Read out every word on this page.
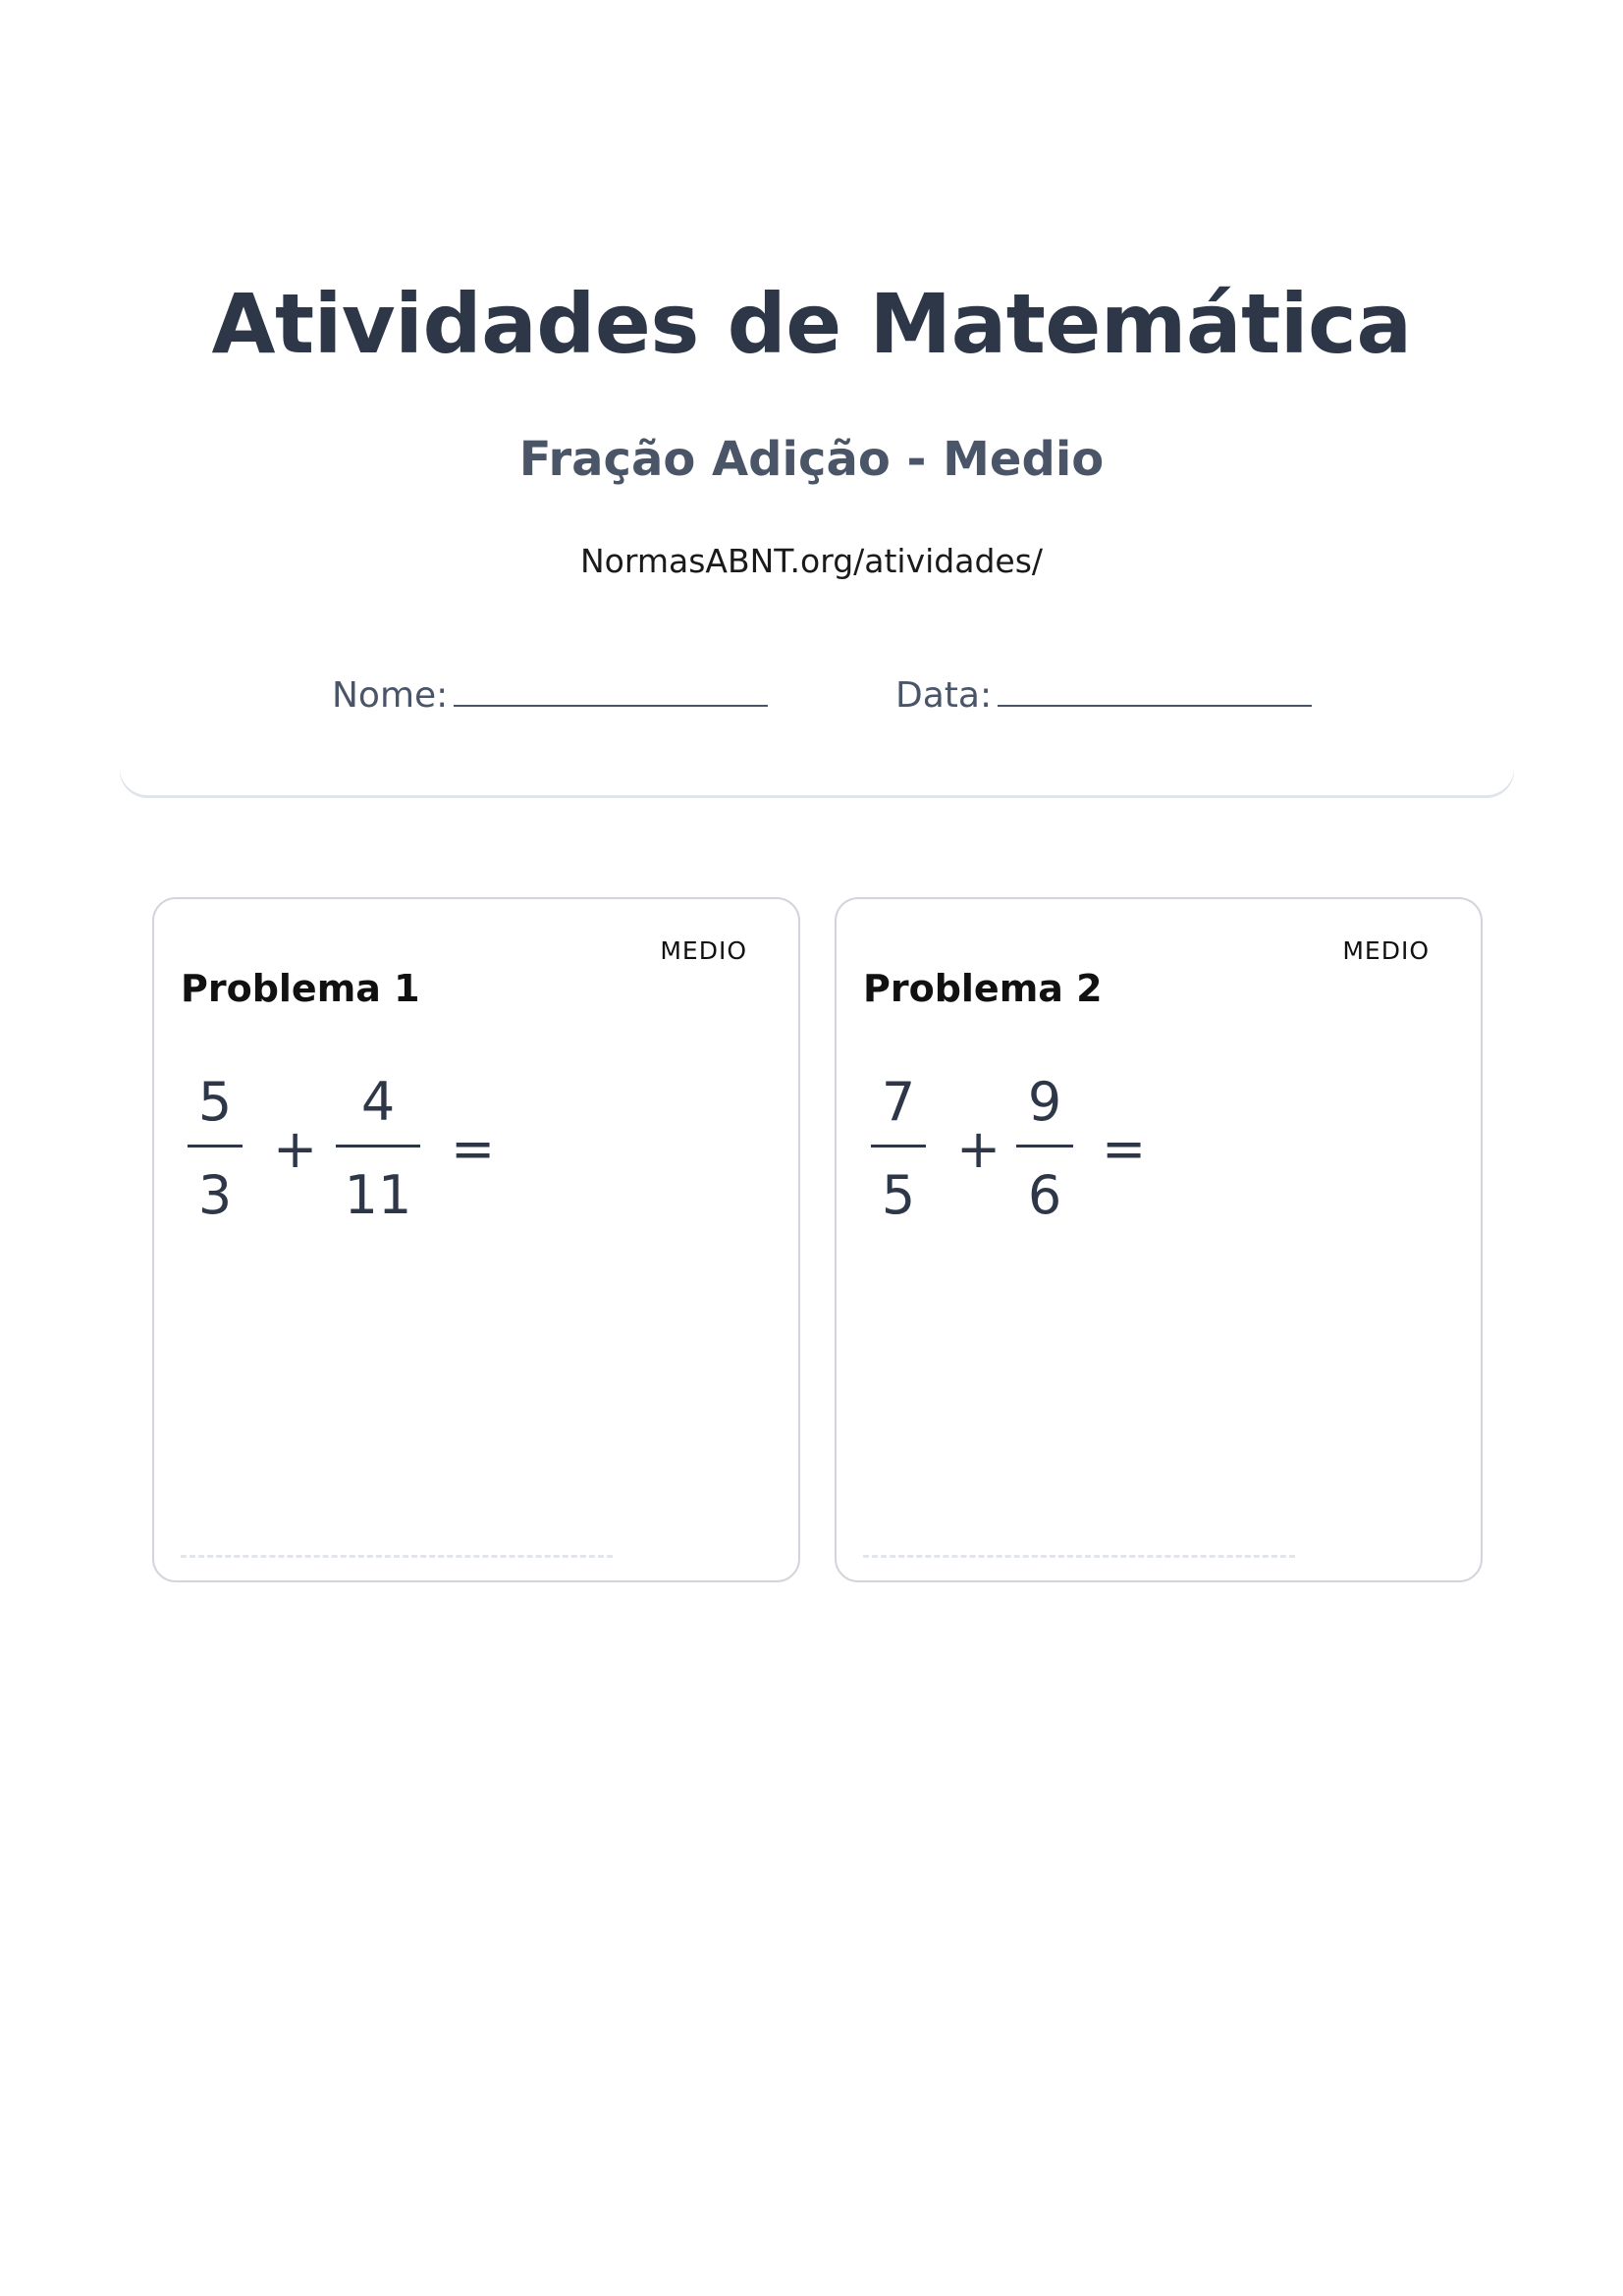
Atividades de Matemática
Fração Adição - Medio
NormasABNT.org/atividades/
Nome:	Data:
MEDIO
Problema 1
5
3
+
4
11
=
MEDIO
Problema 2
7
5
+
9
6
=
